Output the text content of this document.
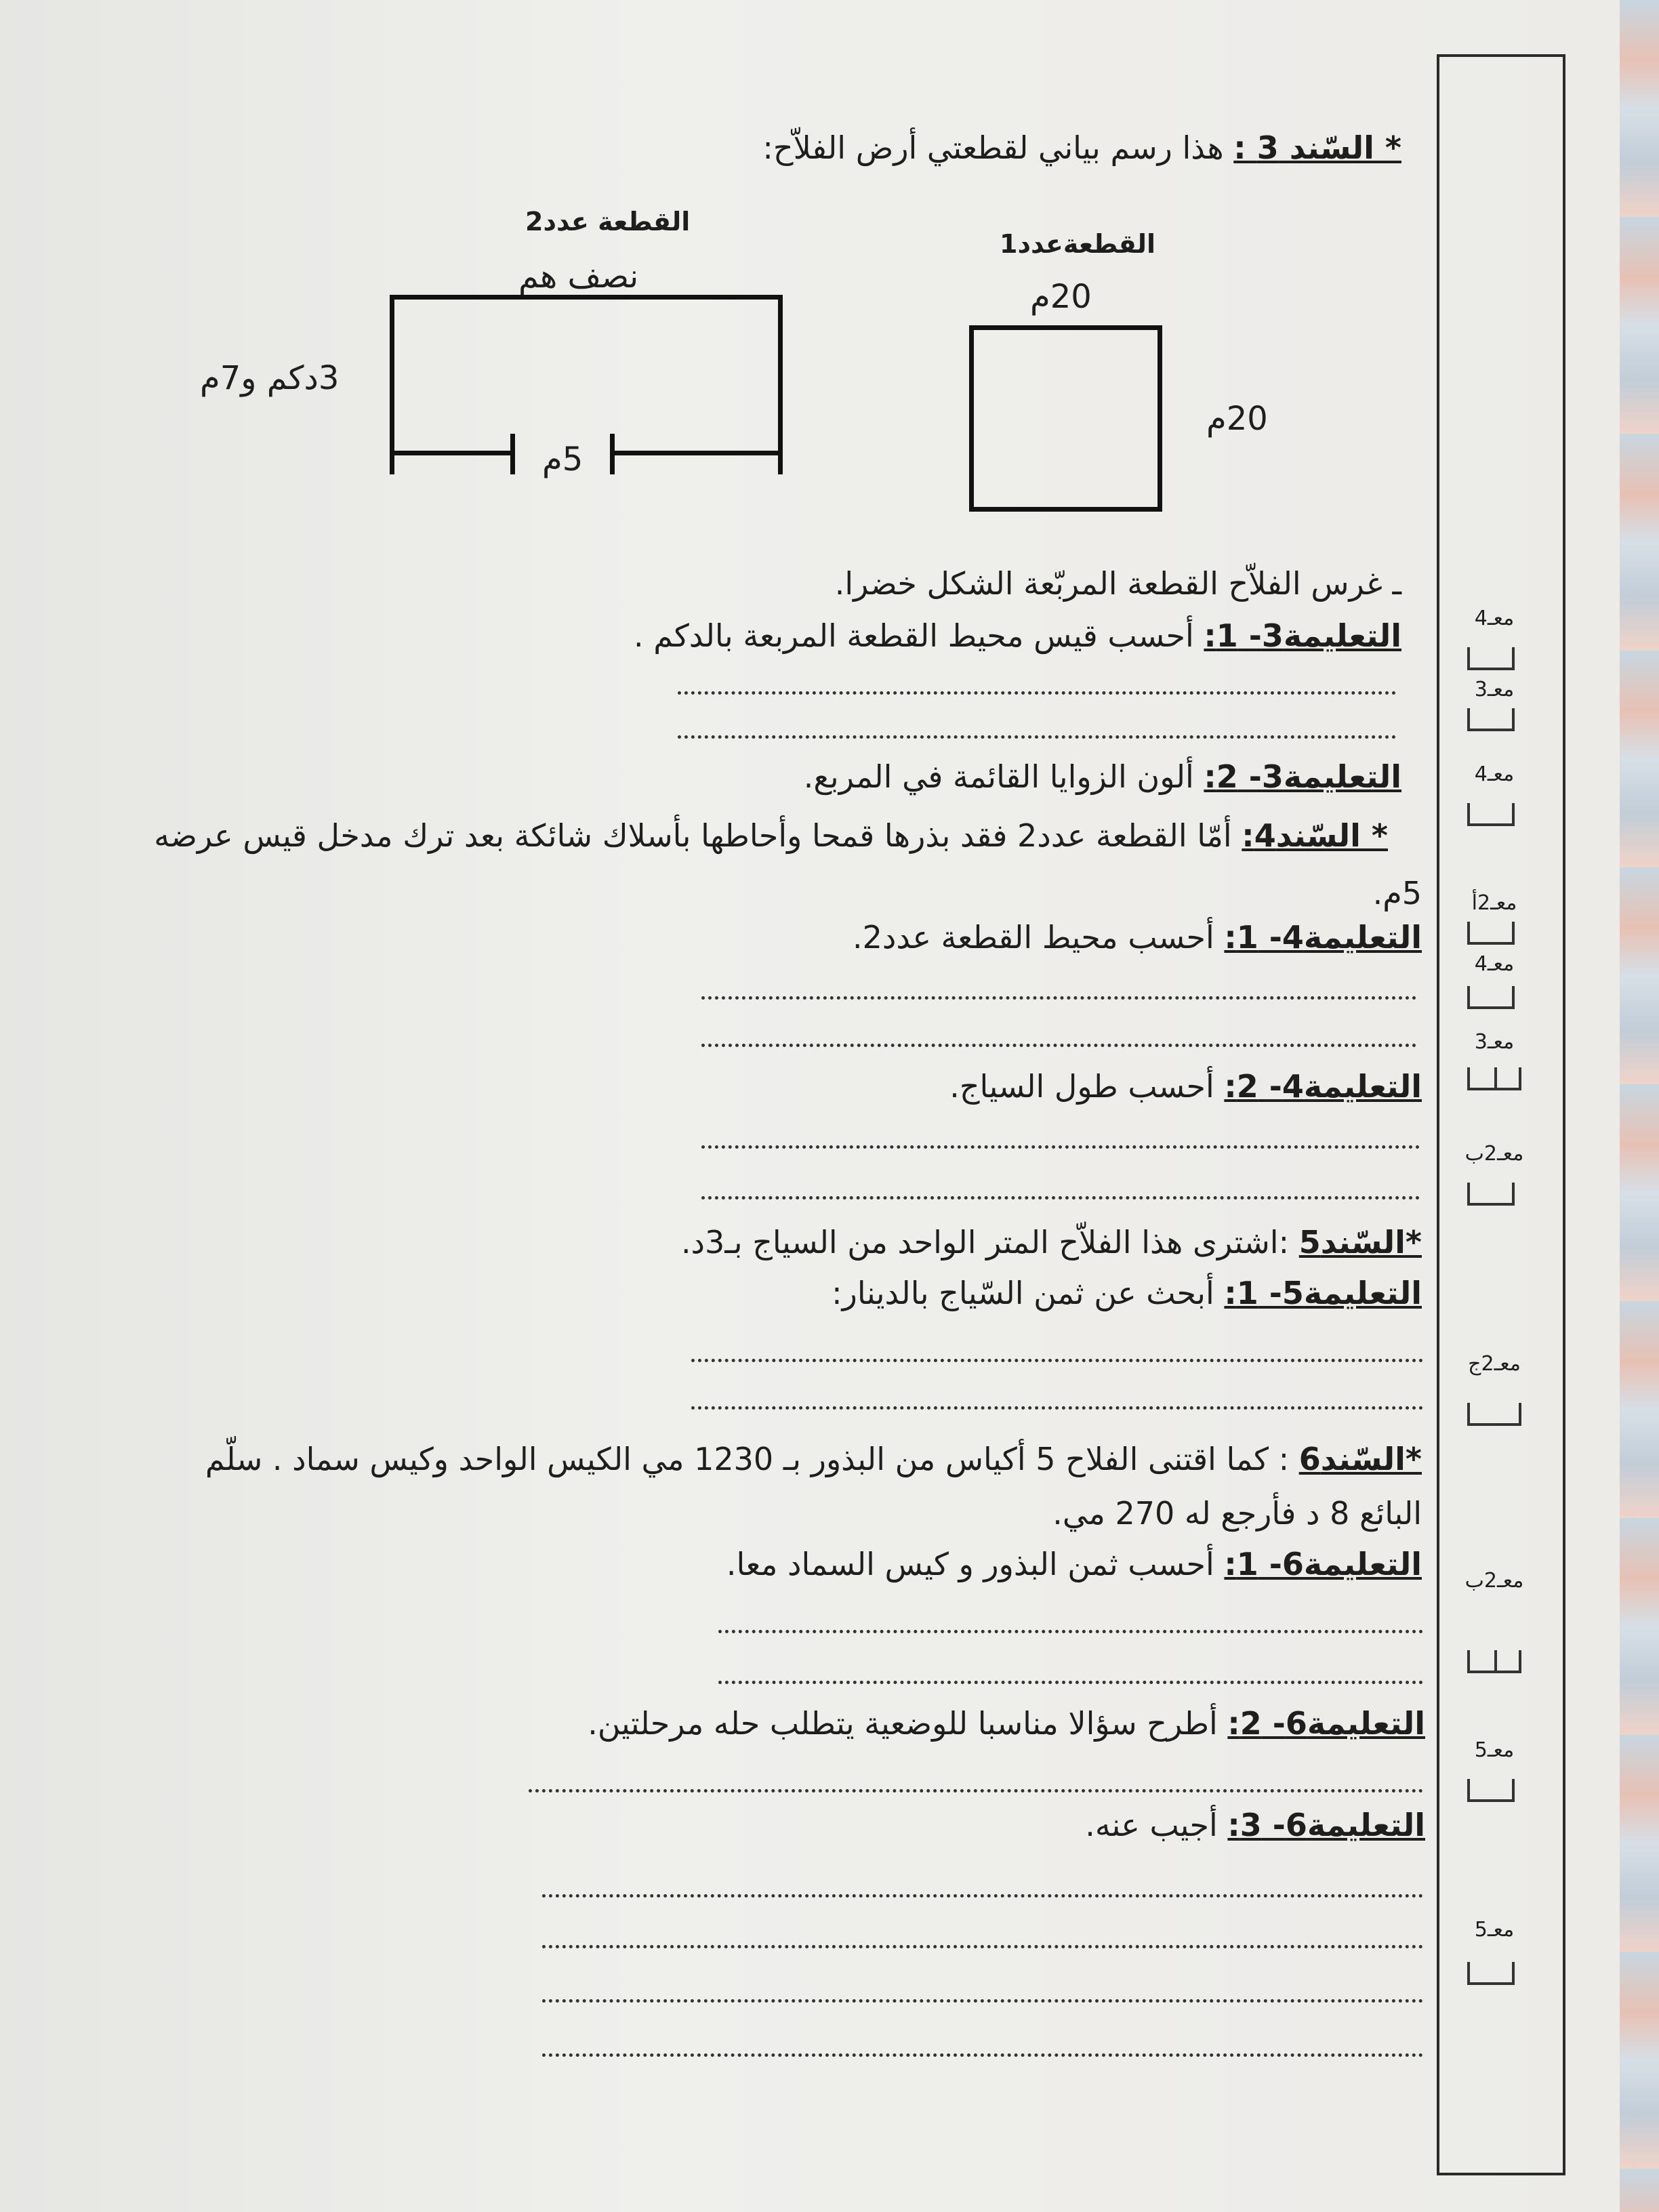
* السّند 3 : هذا رسم بياني لقطعتي أرض الفلاّح:
القطعة عدد2
نصف هم
3دكم و7م
5م
القطعةعدد1
20م
20م
ـ غرس الفلاّح القطعة المربّعة الشكل خضرا.
التعليمة3- 1: أحسب قيس محيط القطعة المربعة بالدكم .
التعليمة3- 2: ألون الزوايا القائمة في المربع.
* السّند4: أمّا القطعة عدد2 فقد بذرها قمحا وأحاطها بأسلاك شائكة بعد ترك مدخل قيس عرضه
5م.
التعليمة4- 1: أحسب محيط القطعة عدد2.
التعليمة4- 2: أحسب طول السياج.
*السّند5 :اشترى هذا الفلاّح المتر الواحد من السياج بـ3د.
التعليمة5- 1: أبحث عن ثمن السّياج بالدينار:
*السّند6 : كما اقتنى الفلاح 5 أكياس من البذور بـ 1230 مي الكيس الواحد وكيس سماد . سلّم
البائع 8 د فأرجع له 270 مي.
التعليمة6- 1: أحسب ثمن البذور و كيس السماد معا.
التعليمة6- 2: أطرح سؤالا مناسبا للوضعية يتطلب حله مرحلتين.
التعليمة6- 3: أجيب عنه.
معـ4
معـ3
معـ4
معـ2أ
معـ4
معـ3
معـ2ب
معـ2ج
معـ2ب
معـ5
معـ5
